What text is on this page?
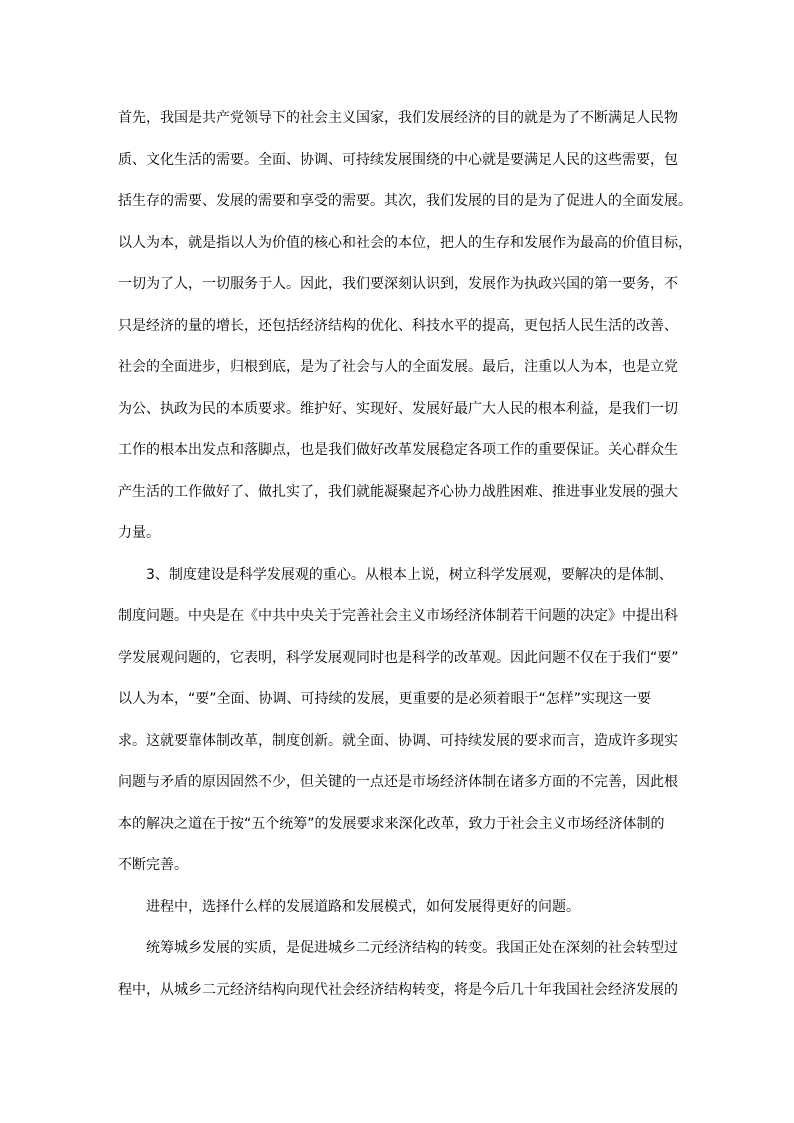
首先，我国是共产党领导下的社会主义国家，我们发展经济的目的就是为了不断满足人民物
质、文化生活的需要。全面、协调、可持续发展围绕的中心就是要满足人民的这些需要，包
括生存的需要、发展的需要和享受的需要。其次，我们发展的目的是为了促进人的全面发展。
以人为本，就是指以人为价值的核心和社会的本位，把人的生存和发展作为最高的价值目标，
一切为了人，一切服务于人。因此，我们要深刻认识到，发展作为执政兴国的第一要务，不
只是经济的量的增长，还包括经济结构的优化、科技水平的提高，更包括人民生活的改善、
社会的全面进步，归根到底，是为了社会与人的全面发展。最后，注重以人为本，也是立党
为公、执政为民的本质要求。维护好、实现好、发展好最广大人民的根本利益，是我们一切
工作的根本出发点和落脚点，也是我们做好改革发展稳定各项工作的重要保证。关心群众生
产生活的工作做好了、做扎实了，我们就能凝聚起齐心协力战胜困难、推进事业发展的强大
力量。
3、制度建设是科学发展观的重心。从根本上说，树立科学发展观，要解决的是体制、
制度问题。中央是在《中共中央关于完善社会主义市场经济体制若干问题的决定》中提出科
学发展观问题的，它表明，科学发展观同时也是科学的改革观。因此问题不仅在于我们“要”
以人为本，“要”全面、协调、可持续的发展，更重要的是必须着眼于“怎样”实现这一要
求。这就要靠体制改革，制度创新。就全面、协调、可持续发展的要求而言，造成许多现实
问题与矛盾的原因固然不少，但关键的一点还是市场经济体制在诸多方面的不完善，因此根
本的解决之道在于按“五个统筹”的发展要求来深化改革，致力于社会主义市场经济体制的
不断完善。
进程中，选择什么样的发展道路和发展模式，如何发展得更好的问题。
统筹城乡发展的实质，是促进城乡二元经济结构的转变。我国正处在深刻的社会转型过
程中，从城乡二元经济结构向现代社会经济结构转变，将是今后几十年我国社会经济发展的
